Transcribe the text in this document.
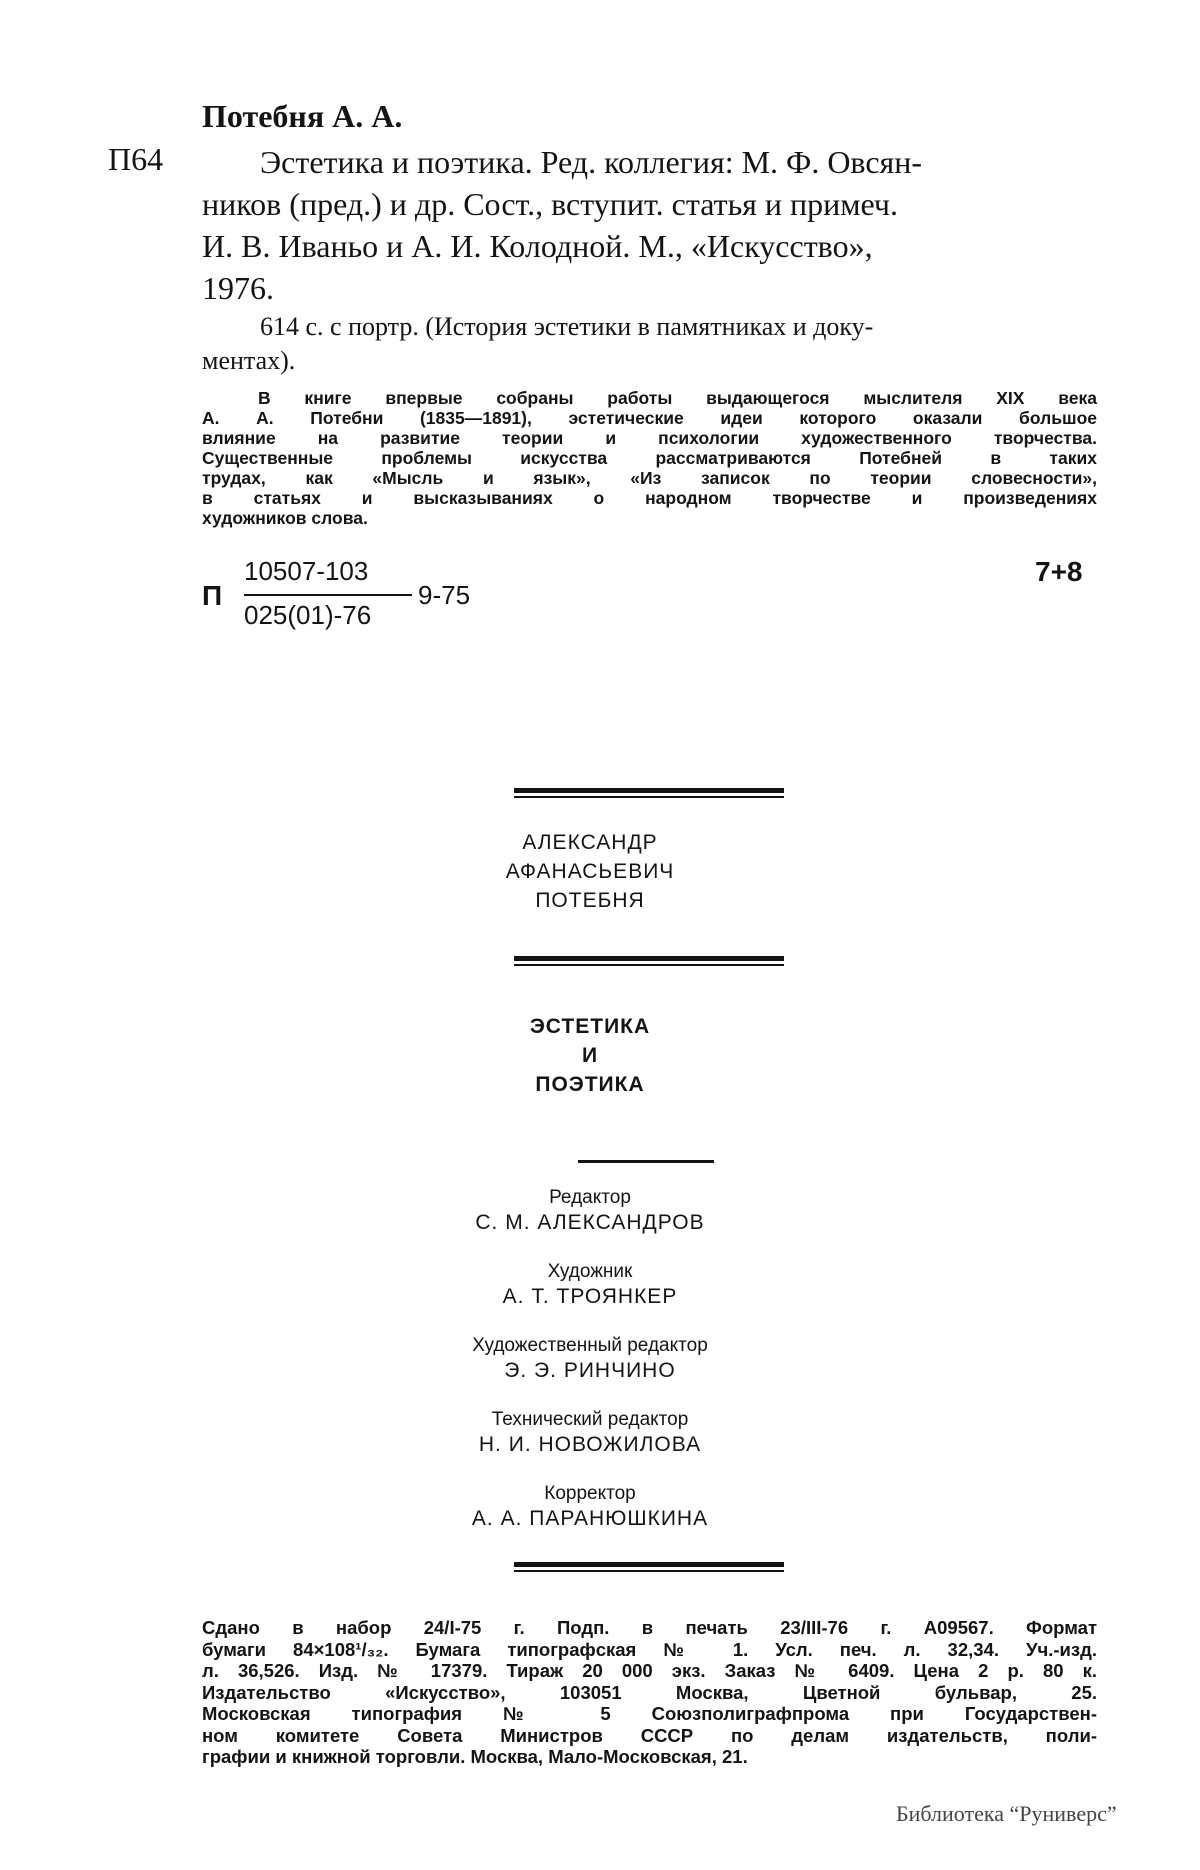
Потебня А. А.
П64	Эстетика и поэтика. Ред. коллегия: М. Ф. Овсян-
ников (пред.) и др. Сост., вступит. статья и примеч.
И. В. Иваньо и А. И. Колодной. М., «Искусство»,
1976.
614 с. с портр. (История эстетики в памятниках и доку-
ментах).
В книге впервые собраны работы выдающегося мыслителя XIX века
А. А. Потебни (1835—1891), эстетические идеи которого оказали большое
влияние на развитие теории и психологии художественного творчества.
Существенные проблемы искусства рассматриваются Потебней в таких
трудах, как «Мысль и язык», «Из записок по теории словесности»,
в статьях и высказываниях о народном творчестве и произведениях
художников слова.
П
10507-103
025(01)-76
9-75
7+8
АЛЕКСАНДР
АФАНАСЬЕВИЧ
ПОТЕБНЯ
ЭСТЕТИКА
И
ПОЭТИКА
Редактор
С. М. АЛЕКСАНДРОВ
Художник
А. Т. ТРОЯНКЕР
Художественный редактор
Э. Э. РИНЧИНО
Технический редактор
Н. И. НОВОЖИЛОВА
Корректор
А. А. ПАРАНЮШКИНА
Сдано в набор 24/I-75 г. Подп. в печать 23/III-76 г. А09567. Формат
бумаги 84×108¹/₃₂. Бумага типографская № 1. Усл. печ. л. 32,34. Уч.-изд.
л. 36,526. Изд. № 17379. Тираж 20 000 экз. Заказ № 6409. Цена 2 р. 80 к.
Издательство «Искусство», 103051 Москва, Цветной бульвар, 25.
Московская типография № 5 Союзполиграфпрома при Государствен-
ном комитете Совета Министров СССР по делам издательств, поли-
графии и книжной торговли. Москва, Мало-Московская, 21.
Библиотека “Руниверс”
